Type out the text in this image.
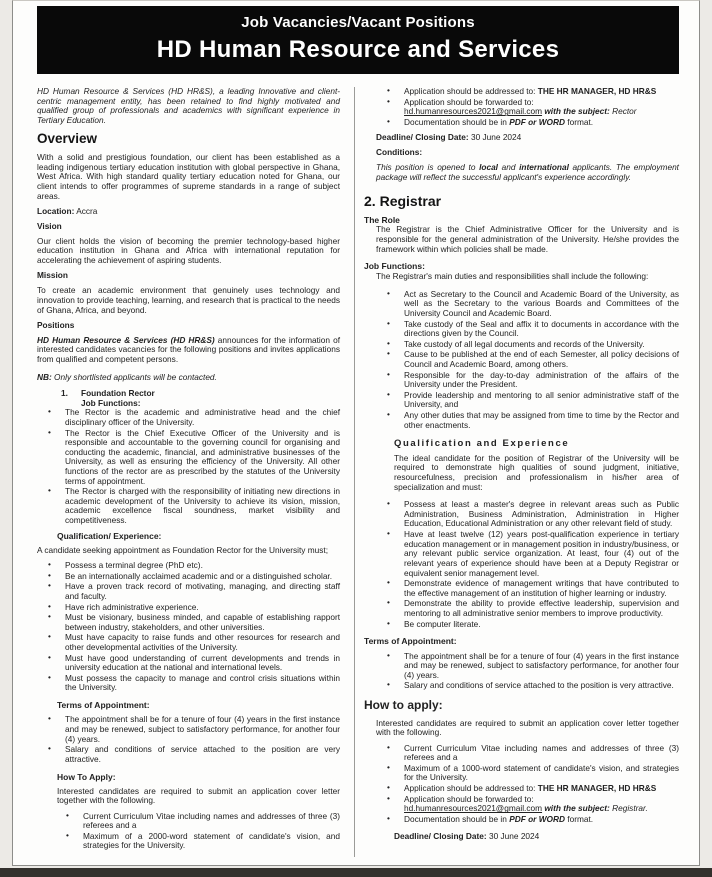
Job Vacancies/Vacant Positions
HD Human Resource and Services

HD Human Resource & Services (HD HR&S), a leading Innovative and client-centric management entity, has been retained to find highly motivated and qualified group of professionals and academics with significant experience in Tertiary Education.

Overview

With a solid and prestigious foundation, our client has been established as a leading indigenous tertiary education institution with global perspective in Ghana, West Africa. With high standard quality tertiary education noted for Ghana, our client intends to offer programmes of supreme standards in a range of subject areas.

Location: Accra

Vision

Our client holds the vision of becoming the premier technology-based higher education institution in Ghana and Africa with international reputation for accelerating the achievement of aspiring students.

Mission

To create an academic environment that genuinely uses technology and innovation to provide teaching, learning, and research that is practical to the needs of Ghana, Africa, and beyond.

Positions

HD Human Resource & Services (HD HR&S) announces for the information of interested candidates vacancies for the following positions and invites applications from qualified and competent persons.

NB: Only shortlisted applicants will be contacted.

1.	Foundation Rector
Job Functions:
• The Rector is the academic and administrative head and the chief disciplinary officer of the University.
• The Rector is the Chief Executive Officer of the University and is responsible and accountable to the governing council for organising and conducting the academic, financial, and administrative businesses of the University, as well as ensuring the efficiency of the University. All other functions of the rector are as prescribed by the statutes of the University terms of appointment.
• The Rector is charged with the responsibility of initiating new directions in academic development of the University to achieve its vision, mission, academic excellence fiscal soundness, market visibility and competitiveness.
Qualification/ Experience:

A candidate seeking appointment as Foundation Rector for the University must;

• Possess a terminal degree (PhD etc).
• Be an internationally acclaimed academic and or a distinguished scholar.
• Have a proven track record of motivating, managing, and directing staff and faculty.
• Have rich administrative experience.
• Must be visionary, business minded, and capable of establishing rapport between industry, stakeholders, and other universities.
• Must have capacity to raise funds and other resources for research and other developmental activities of the University.
• Must have good understanding of current developments and trends in university education at the national and international levels.
• Must possess the capacity to manage and control crisis situations within the University.
Terms of Appointment:
• The appointment shall be for a tenure of four (4) years in the first instance and may be renewed, subject to satisfactory performance, for another four (4) years.
• Salary and conditions of service attached to the position are very attractive.
How To Apply:

Interested candidates are required to submit an application cover letter together with the following.

• Current Curriculum Vitae including names and addresses of three (3) referees and a
• Maximum of a 2000-word statement of candidate's vision, and strategies for the University.
• Application should be addressed to: THE HR MANAGER, HD HR&S
• Application should be forwarded to:
hd.humanresources2021@gmail.com with the subject: Rector
• Documentation should be in PDF or WORD format.

Deadline/ Closing Date: 30 June 2024

Conditions:

This position is opened to local and international applicants. The employment package will reflect the successful applicant's experience accordingly.

2. Registrar
The Role

The Registrar is the Chief Administrative Officer for the University and is responsible for the general administration of the University. He/she provides the framework within which policies shall be made.

Job Functions:

The Registrar's main duties and responsibilities shall include the following:

• Act as Secretary to the Council and Academic Board of the University, as well as the Secretary to the various Boards and Committees of the University Council and Academic Board.
• Take custody of the Seal and affix it to documents in accordance with the directions given by the Council.
• Take custody of all legal documents and records of the University.
• Cause to be published at the end of each Semester, all policy decisions of Council and Academic Board, among others.
• Responsible for the day-to-day administration of the affairs of the University under the President.
• Provide leadership and mentoring to all senior administrative staff of the University, and
• Any other duties that may be assigned from time to time by the Rector and other enactments.
Qualification and Experience

The ideal candidate for the position of Registrar of the University will be required to demonstrate high qualities of sound judgment, initiative, resourcefulness, precision and professionalism in his/her area of specialization and must:

• Possess at least a master's degree in relevant areas such as Public Administration, Business Administration, Administration in Higher Education, Educational Administration or any other relevant field of study.
• Have at least twelve (12) years post-qualification experience in tertiary education management or in management position in industry/business, or any relevant public service organization. At least, four (4) out of the relevant years of experience should have been at a Deputy Registrar or equivalent senior management level.
• Demonstrate evidence of management writings that have contributed to the effective management of an institution of higher learning or industry.
• Demonstrate the ability to provide effective leadership, supervision and mentoring to all administrative senior members to improve productivity.
• Be computer literate.
Terms of Appointment:
• The appointment shall be for a tenure of four (4) years in the first instance and may be renewed, subject to satisfactory performance, for another four (4) years.
• Salary and conditions of service attached to the position is very attractive.
How to apply:

Interested candidates are required to submit an application cover letter together with the following.

• Current Curriculum Vitae including names and addresses of three (3) referees and a
• Maximum of a 1000-word statement of candidate's vision, and strategies for the University.
• Application should be addressed to: THE HR MANAGER, HD HR&S
• Application should be forwarded to:
hd.humanresources2021@gmail.com with the subject: Registrar.
• Documentation should be in PDF or WORD format.

Deadline/ Closing Date: 30 June 2024
